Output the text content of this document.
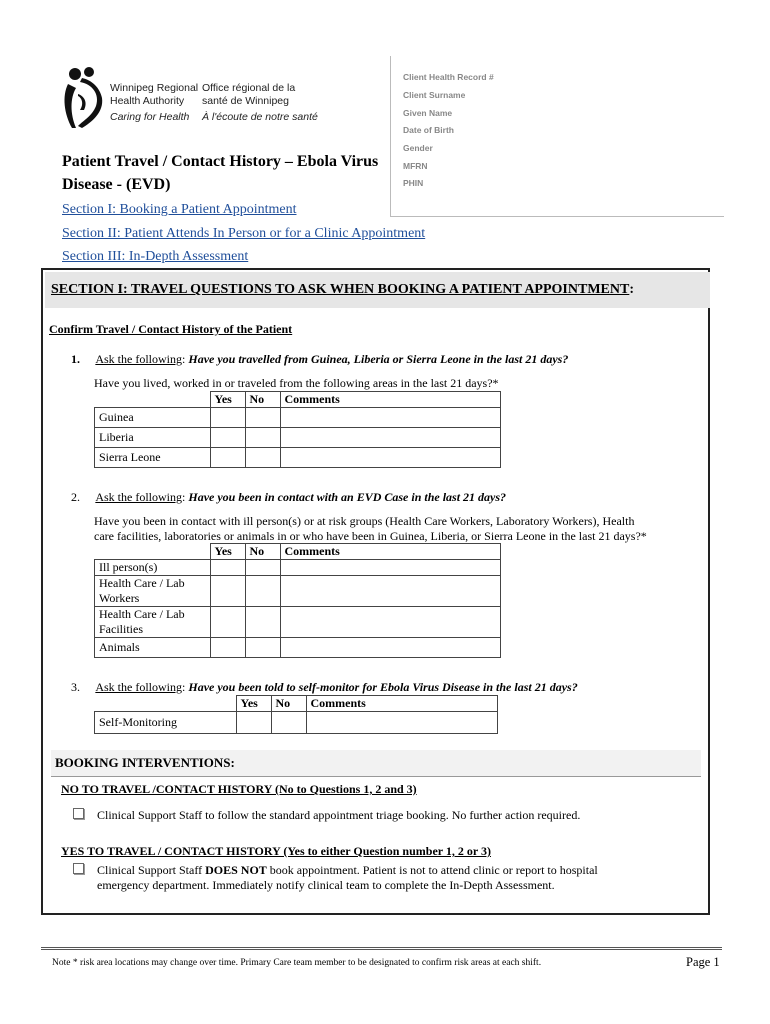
Winnipeg Regional
Health Authority
Caring for Health
Office régional de la
santé de Winnipeg
À l'écoute de notre santé
Client Health Record #
Client Surname
Given Name
Date of Birth
Gender
MFRN
PHIN
Patient Travel / Contact History – Ebola Virus
Disease - (EVD)
Section I: Booking a Patient Appointment
Section II: Patient Attends In Person or for a Clinic Appointment
Section III: In-Depth Assessment
SECTION I: TRAVEL QUESTIONS TO ASK WHEN BOOKING A PATIENT APPOINTMENT:
Confirm Travel / Contact History of the Patient
1. Ask the following: Have you travelled from Guinea, Liberia or Sierra Leone in the last 21 days?
Have you lived, worked in or traveled from the following areas in the last 21 days?*
	Yes	No	Comments
Guinea			
Liberia			
Sierra Leone			
2. Ask the following: Have you been in contact with an EVD Case in the last 21 days?
Have you been in contact with ill person(s) or at risk groups (Health Care Workers, Laboratory Workers), Health
care facilities, laboratories or animals in or who have been in Guinea, Liberia, or Sierra Leone in the last 21 days?*
	Yes	No	Comments
Ill person(s)			

Health Care / Lab
Workers			

Health Care / Lab
Facilities			

Animals			
3. Ask the following: Have you been told to self-monitor for Ebola Virus Disease in the last 21 days?
	Yes	No	Comments
Self-Monitoring			
BOOKING INTERVENTIONS:
NO TO TRAVEL /CONTACT HISTORY (No to Questions 1, 2 and 3)
Clinical Support Staff to follow the standard appointment triage booking. No further action required.
YES TO TRAVEL / CONTACT HISTORY (Yes to either Question number 1, 2 or 3)
Clinical Support Staff DOES NOT book appointment. Patient is not to attend clinic or report to hospital
emergency department. Immediately notify clinical team to complete the In-Depth Assessment.
Note * risk area locations may change over time. Primary Care team member to be designated to confirm risk areas at each shift.	Page 1
